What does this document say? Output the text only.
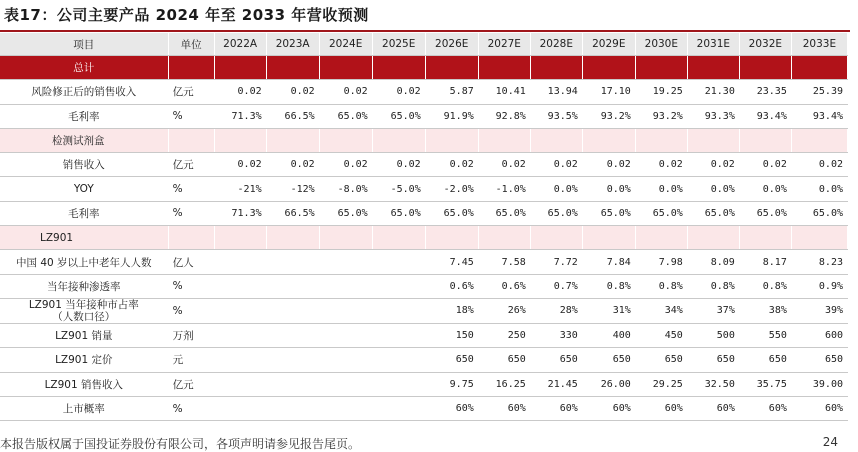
表17：公司主要产品 2024 年至 2033 年营收预测
项目	单位	2022A	2023A	2024E	2025E	2026E	2027E	2028E	2029E	2030E	2031E	2032E	2033E
总计													
风险修正后的销售收入	亿元	0.02	0.02	0.02	0.02	5.87	10.41	13.94	17.10	19.25	21.30	23.35	25.39
毛利率	%	71.3%	66.5%	65.0%	65.0%	91.9%	92.8%	93.5%	93.2%	93.2%	93.3%	93.4%	93.4%
检测试剂盒													
销售收入	亿元	0.02	0.02	0.02	0.02	0.02	0.02	0.02	0.02	0.02	0.02	0.02	0.02
YOY	%	-21%	-12%	-8.0%	-5.0%	-2.0%	-1.0%	0.0%	0.0%	0.0%	0.0%	0.0%	0.0%
毛利率	%	71.3%	66.5%	65.0%	65.0%	65.0%	65.0%	65.0%	65.0%	65.0%	65.0%	65.0%	65.0%
LZ901													
中国 40 岁以上中老年人人数	亿人					7.45	7.58	7.72	7.84	7.98	8.09	8.17	8.23
当年接种渗透率	%					0.6%	0.6%	0.7%	0.8%	0.8%	0.8%	0.8%	0.9%

LZ901 当年接种市占率
（人数口径）	%					18%	26%	28%	31%	34%	37%	38%	39%
LZ901 销量	万剂					150	250	330	400	450	500	550	600
LZ901 定价	元					650	650	650	650	650	650	650	650
LZ901 销售收入	亿元					9.75	16.25	21.45	26.00	29.25	32.50	35.75	39.00
上市概率	%					60%	60%	60%	60%	60%	60%	60%	60%
本报告版权属于国投证券股份有限公司，各项声明请参见报告尾页。	24
